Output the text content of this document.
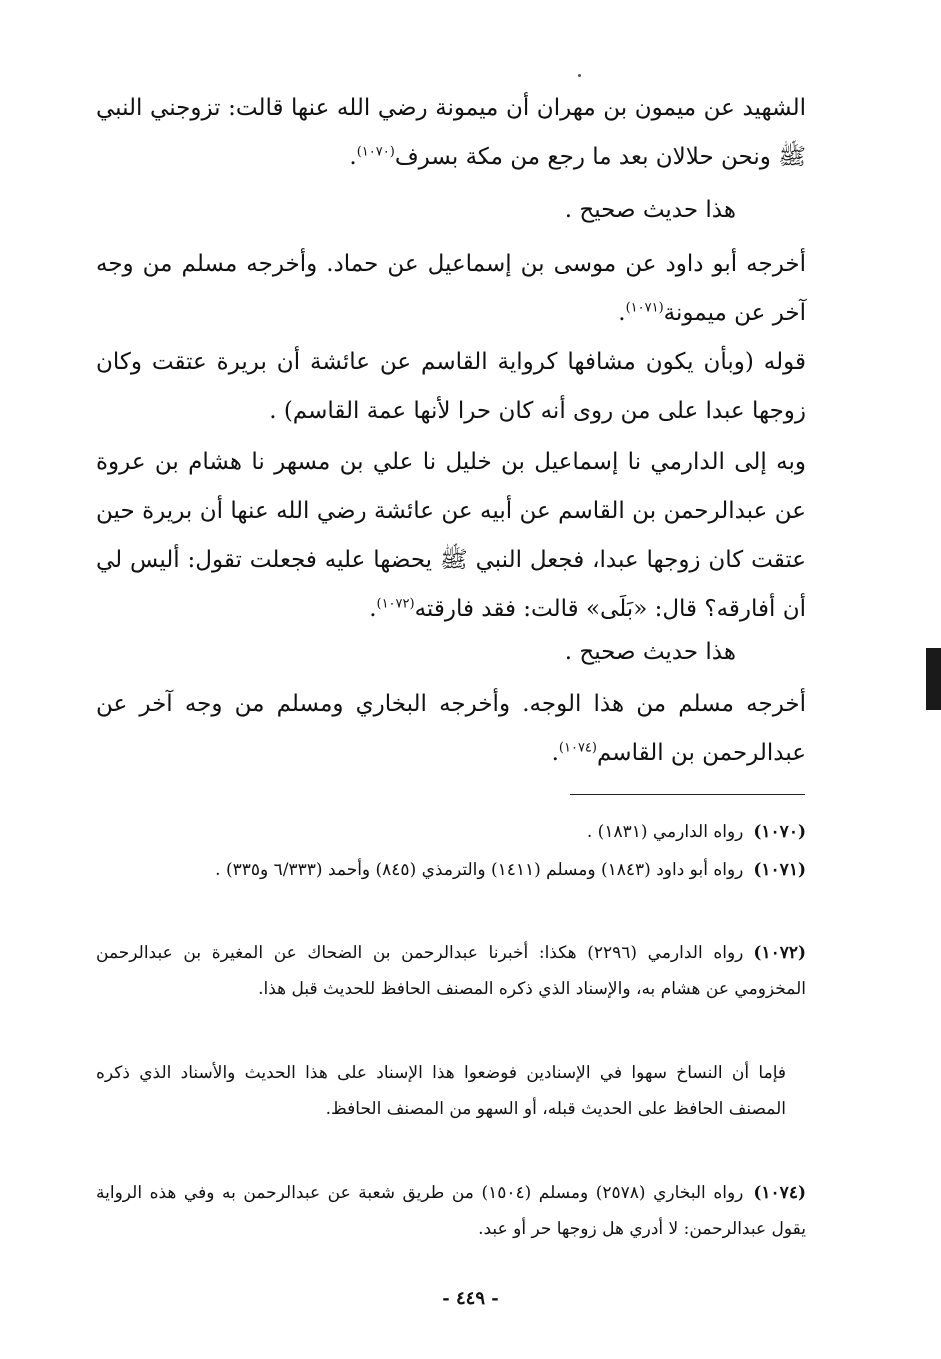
الشهيد عن ميمون بن مهران أن ميمونة رضي الله عنها قالت: تزوجني النبي ﷺ ونحن حلالان بعد ما رجع من مكة بسرف$^{(١٠٧٠)}$.
هذا حديث صحيح .
أخرجه أبو داود عن موسى بن إسماعيل عن حماد. وأخرجه مسلم من وجه آخر عن ميمونة$^{(١٠٧١)}$.
قوله (وبأن يكون مشافها كرواية القاسم عن عائشة أن بريرة عتقت وكان زوجها عبدا على من روى أنه كان حرا لأنها عمة القاسم) .
وبه إلى الدارمي نا إسماعيل بن خليل نا علي بن مسهر نا هشام بن عروة عن عبدالرحمن بن القاسم عن أبيه عن عائشة رضي الله عنها أن بريرة حين عتقت كان زوجها عبدا، فجعل النبي ﷺ يحضها عليه فجعلت تقول: أليس لي أن أفارقه؟ قال: «بَلَى» قالت: فقد فارقته$^{(١٠٧٢)}$.
هذا حديث صحيح .
أخرجه مسلم من هذا الوجه. وأخرجه البخاري ومسلم من وجه آخر عن عبدالرحمن بن القاسم$^{(١٠٧٤)}$.
(١٠٧٠)رواه الدارمي (١٨٣١) .
(١٠٧١)رواه أبو داود (١٨٤٣) ومسلم (١٤١١) والترمذي (٨٤٥) وأحمد (٦/٣٣٣ و٣٣٥) .
(١٠٧٢)رواه الدارمي (٢٢٩٦) هكذا: أخبرنا عبدالرحمن بن الضحاك عن المغيرة بن عبدالرحمن المخزومي عن هشام به، والإسناد الذي ذكره المصنف الحافظ للحديث قبل هذا.
فإما أن النساخ سهوا في الإسنادين فوضعوا هذا الإسناد على هذا الحديث والأسناد الذي ذكره المصنف الحافظ على الحديث قبله، أو السهو من المصنف الحافظ.
(١٠٧٤)رواه البخاري (٢٥٧٨) ومسلم (١٥٠٤) من طريق شعبة عن عبدالرحمن به وفي هذه الرواية يقول عبدالرحمن: لا أدري هل زوجها حر أو عبد.
- ٤٤٩ -
